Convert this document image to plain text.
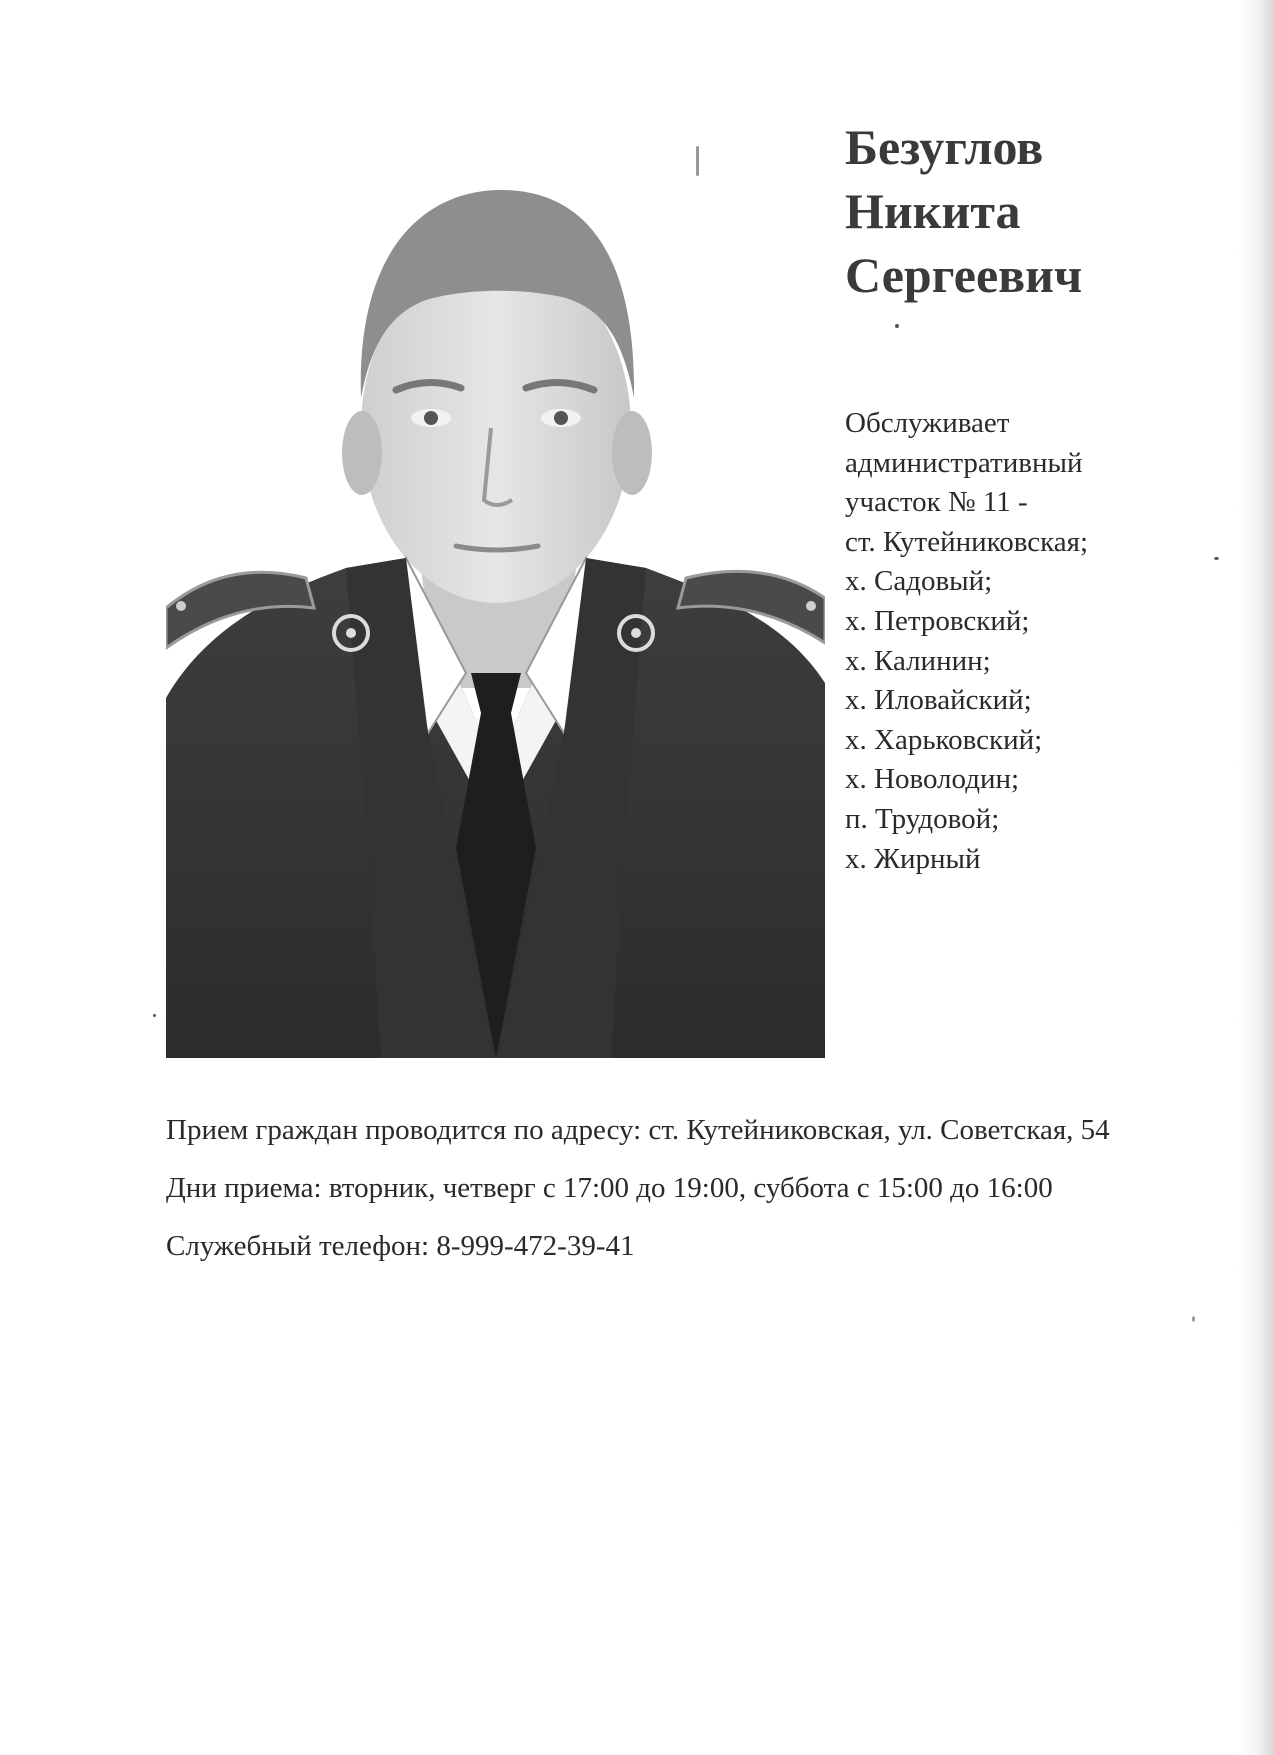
Безуглов
Никита
Сергеевич
Обслуживает
административный
участок № 11 -
ст. Кутейниковская;
х. Садовый;
х. Петровский;
х. Калинин;
х. Иловайский;
х. Харьковский;
х. Новолодин;
п. Трудовой;
х. Жирный

Прием граждан проводится по адресу: ст. Кутейниковская, ул. Советская, 54

Дни приема: вторник, четверг с 17:00 до 19:00, суббота с 15:00 до 16:00

Служебный телефон: 8-999-472-39-41
